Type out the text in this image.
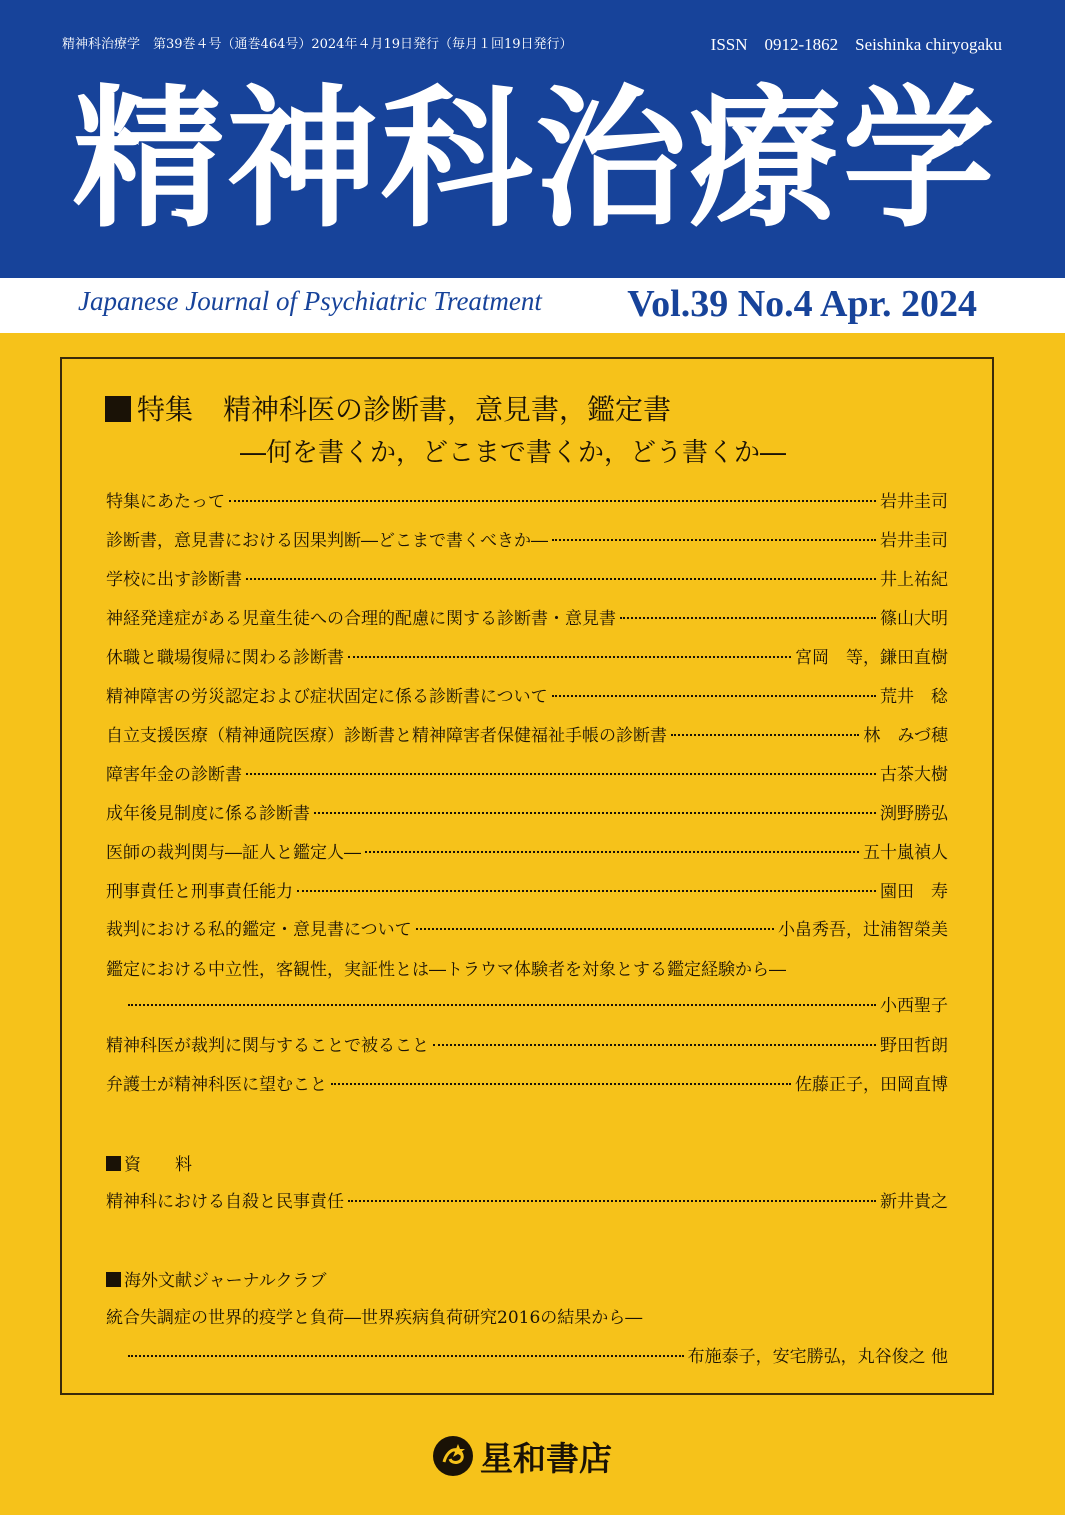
精神科治療学　第39巻４号（通巻464号）2024年４月19日発行（毎月１回19日発行）	ISSN　0912-1862　Seishinka chiryogaku
精神科治療学
Japanese Journal of Psychiatric Treatment Vol.39 No.4 Apr. 2024
特集 精神科医の診断書，意見書，鑑定書
―何を書くか，どこまで書くか，どう書くか―
特集にあたって	岩井圭司
診断書，意見書における因果判断―どこまで書くべきか―	岩井圭司
学校に出す診断書	井上祐紀
神経発達症がある児童生徒への合理的配慮に関する診断書・意見書	篠山大明
休職と職場復帰に関わる診断書	宮岡　等，鎌田直樹
精神障害の労災認定および症状固定に係る診断書について	荒井　稔
自立支援医療（精神通院医療）診断書と精神障害者保健福祉手帳の診断書	林　みづ穂
障害年金の診断書	古茶大樹
成年後見制度に係る診断書	渕野勝弘
医師の裁判関与―証人と鑑定人―	五十嵐禎人
刑事責任と刑事責任能力	園田　寿
裁判における私的鑑定・意見書について	小畠秀吾，辻浦智榮美
鑑定における中立性，客観性，実証性とは―トラウマ体験者を対象とする鑑定経験から―
小西聖子
精神科医が裁判に関与することで被ること	野田哲朗
弁護士が精神科医に望むこと	佐藤正子，田岡直博
資　　料
精神科における自殺と民事責任	新井貴之
海外文献ジャーナルクラブ
統合失調症の世界的疫学と負荷―世界疾病負荷研究2016の結果から―
布施泰子，安宅勝弘，丸谷俊之 他
星和書店
